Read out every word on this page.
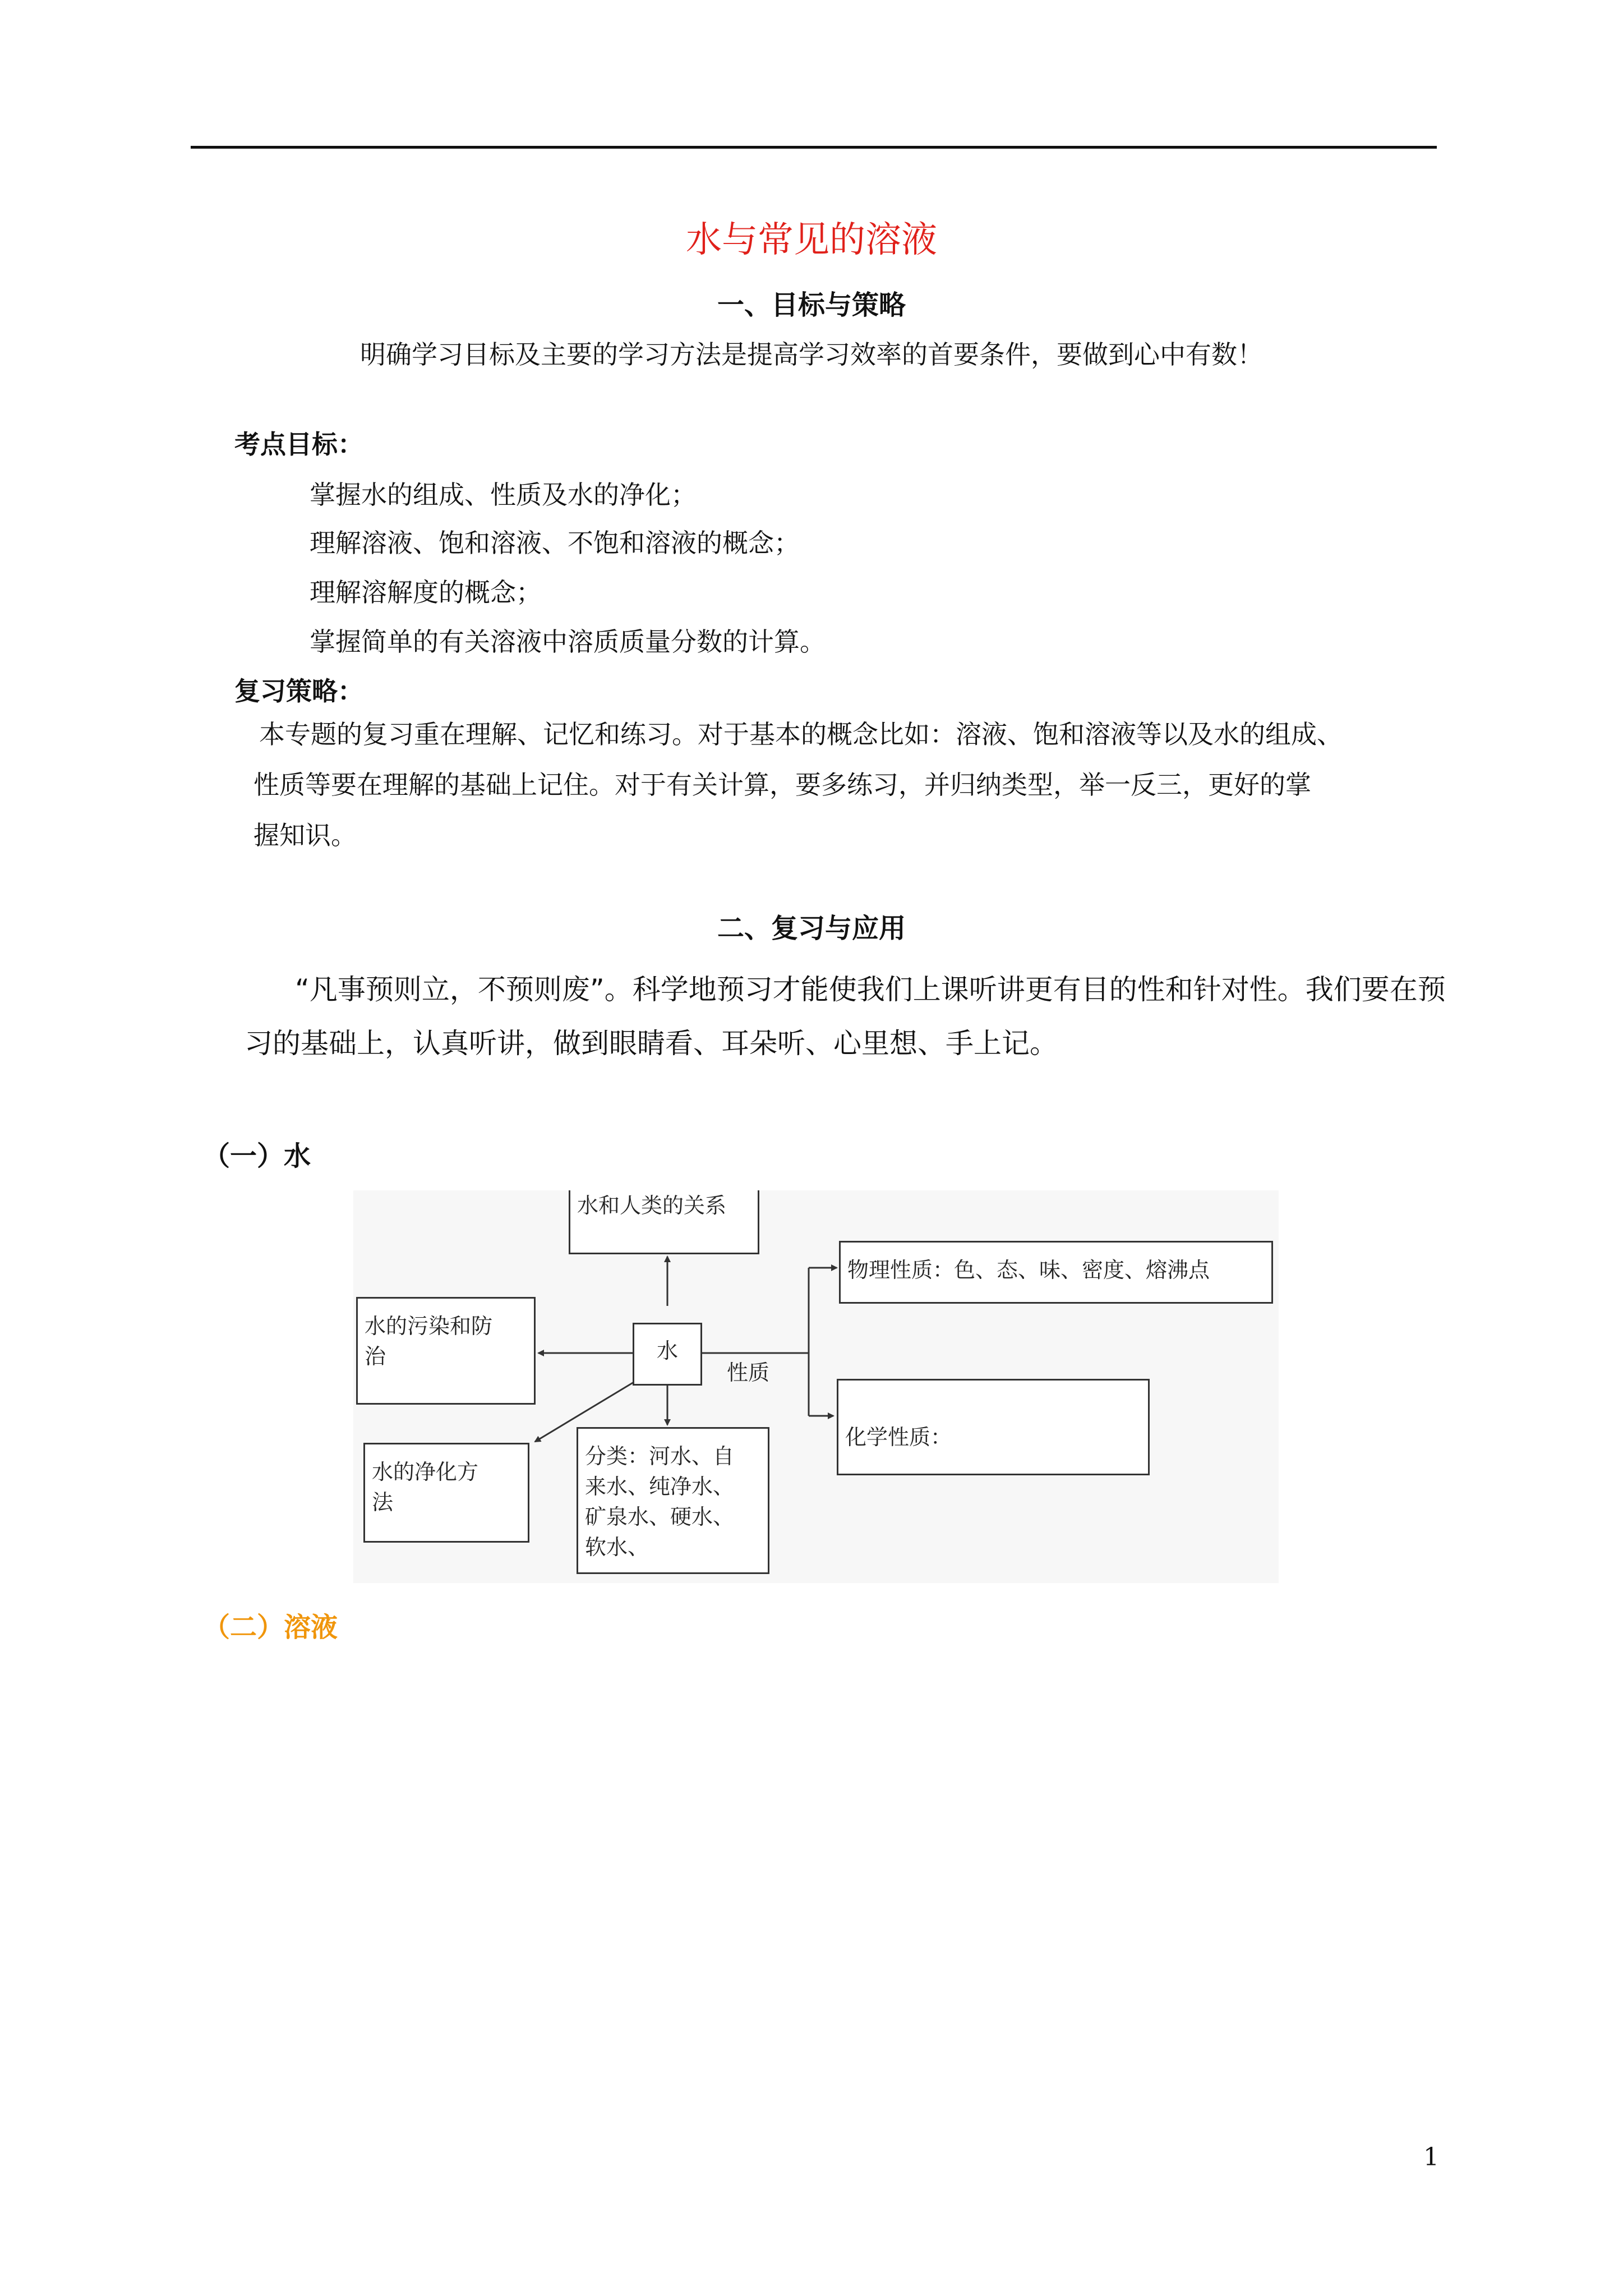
水与常见的溶液
一、目标与策略
明确学习目标及主要的学习方法是提高学习效率的首要条件，要做到心中有数！
考点目标：
掌握水的组成、性质及水的净化；
理解溶液、饱和溶液、不饱和溶液的概念；
理解溶解度的概念；
掌握简单的有关溶液中溶质质量分数的计算。
复习策略：
本专题的复习重在理解、记忆和练习。对于基本的概念比如：溶液、饱和溶液等以及水的组成、
性质等要在理解的基础上记住。对于有关计算，要多练习，并归纳类型，举一反三，更好的掌
握知识。
二、复习与应用
“凡事预则立，不预则废”。科学地预习才能使我们上课听讲更有目的性和针对性。我们要在预
习的基础上，认真听讲，做到眼睛看、耳朵听、心里想、手上记。
（一）水
水和人类的关系
水
水的污染和防
治
水的净化方
法
分类：河水、自
来水、纯净水、
矿泉水、硬水、
软水、
性质
物理性质：色、态、味、密度、熔沸点
化学性质：
（二）溶液
1
